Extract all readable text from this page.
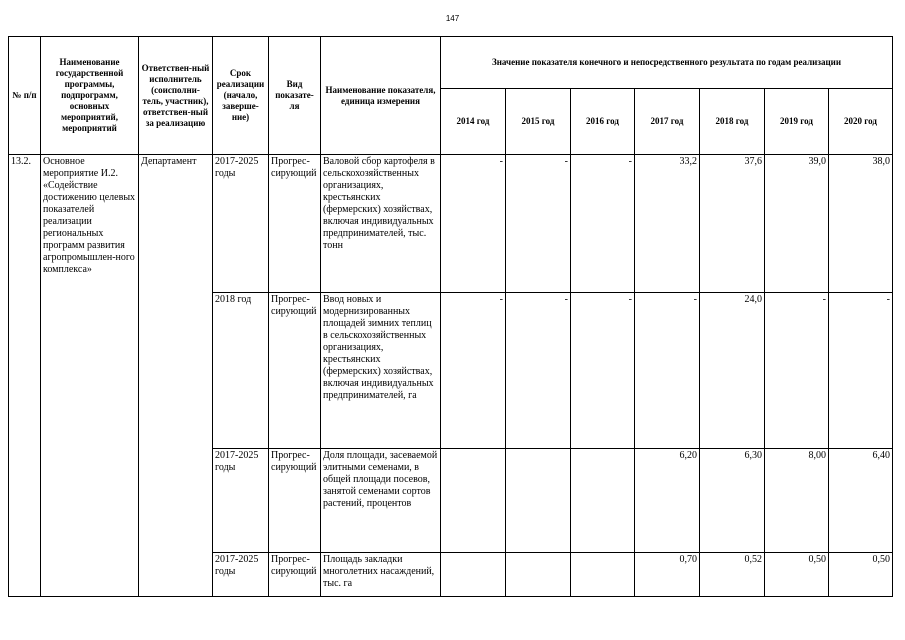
147
№ п/п	Наименование государственной программы, подпрограмм, основных мероприятий, мероприятий	Ответствен-ный исполнитель (соисполни-тель, участник), ответствен-ный за реализацию	Срок реализации (начало, заверше-ние)	Вид показате-ля	Наименование показателя, единица измерения	Значение показателя конечного и непосредственного результата по годам реализации						
						2014 год	2015 год	2016 год	2017 год	2018 год	2019 год	2020 год
13.2.	Основное мероприятие И.2. «Содействие достижению целевых показателей реализации региональных программ развития агропромышлен-ного комплекса»	Департамент	2017-2025 годы	Прогрес-сирующий	Валовой сбор картофеля в сельскохозяйственных организациях, крестьянских (фермерских) хозяйствах, включая индивидуальных предпринимателей, тыс. тонн	-	-	-	33,2	37,6	39,0	38,0
			2018 год	Прогрес-сирующий	Ввод новых и модернизированных площадей зимних теплиц в сельскохозяйственных организациях, крестьянских (фермерских) хозяйствах, включая индивидуальных предпринимателей, га	-	-	-	-	24,0	-	-
			2017-2025 годы	Прогрес-сирующий	Доля площади, засеваемой элитными семенами, в общей площади посевов, занятой семенами сортов растений, процентов				6,20	6,30	8,00	6,40
			2017-2025 годы	Прогрес-сирующий	Площадь закладки многолетних насаждений, тыс. га				0,70	0,52	0,50	0,50
